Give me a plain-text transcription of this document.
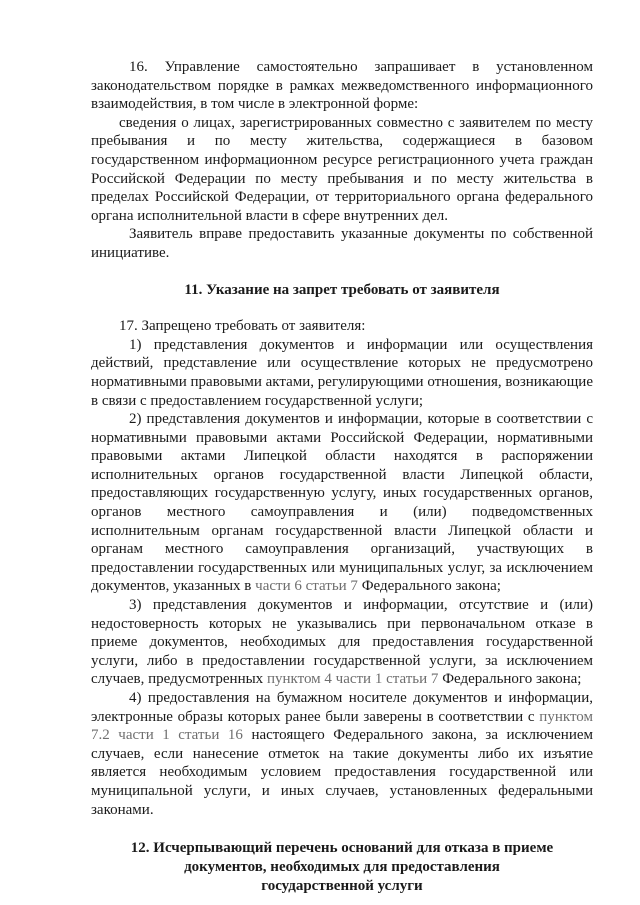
16. Управление самостоятельно запрашивает в установленном законодательством порядке в рамках межведомственного информационного взаимодействия, в том числе в электронной форме:

сведения о лицах, зарегистрированных совместно с заявителем по месту пребывания и по месту жительства, содержащиеся в базовом государственном информационном ресурсе регистрационного учета граждан Российской Федерации по месту пребывания и по месту жительства в пределах Российской Федерации, от территориального органа федерального органа исполнительной власти в сфере внутренних дел.

Заявитель вправе предоставить указанные документы по собственной инициативе.

11. Указание на запрет требовать от заявителя

17. Запрещено требовать от заявителя:

1) представления документов и информации или осуществления действий, представление или осуществление которых не предусмотрено нормативными правовыми актами, регулирующими отношения, возникающие в связи с предоставлением государственной услуги;

2) представления документов и информации, которые в соответствии с нормативными правовыми актами Российской Федерации, нормативными правовыми актами Липецкой области находятся в распоряжении исполнительных органов государственной власти Липецкой области, предоставляющих государственную услугу, иных государственных органов, органов местного самоуправления и (или) подведомственных исполнительным органам государственной власти Липецкой области и органам местного самоуправления организаций, участвующих в предоставлении государственных или муниципальных услуг, за исключением документов, указанных в части 6 статьи 7 Федерального закона;

3) представления документов и информации, отсутствие и (или) недостоверность которых не указывались при первоначальном отказе в приеме документов, необходимых для предоставления государственной услуги, либо в предоставлении государственной услуги, за исключением случаев, предусмотренных пунктом 4 части 1 статьи 7 Федерального закона;

4) предоставления на бумажном носителе документов и информации, электронные образы которых ранее были заверены в соответствии с пунктом 7.2 части 1 статьи 16 настоящего Федерального закона, за исключением случаев, если нанесение отметок на такие документы либо их изъятие является необходимым условием предоставления государственной или муниципальной услуги, и иных случаев, установленных федеральными законами.

12. Исчерпывающий перечень оснований для отказа в приеме
документов, необходимых для предоставления
государственной услуги
